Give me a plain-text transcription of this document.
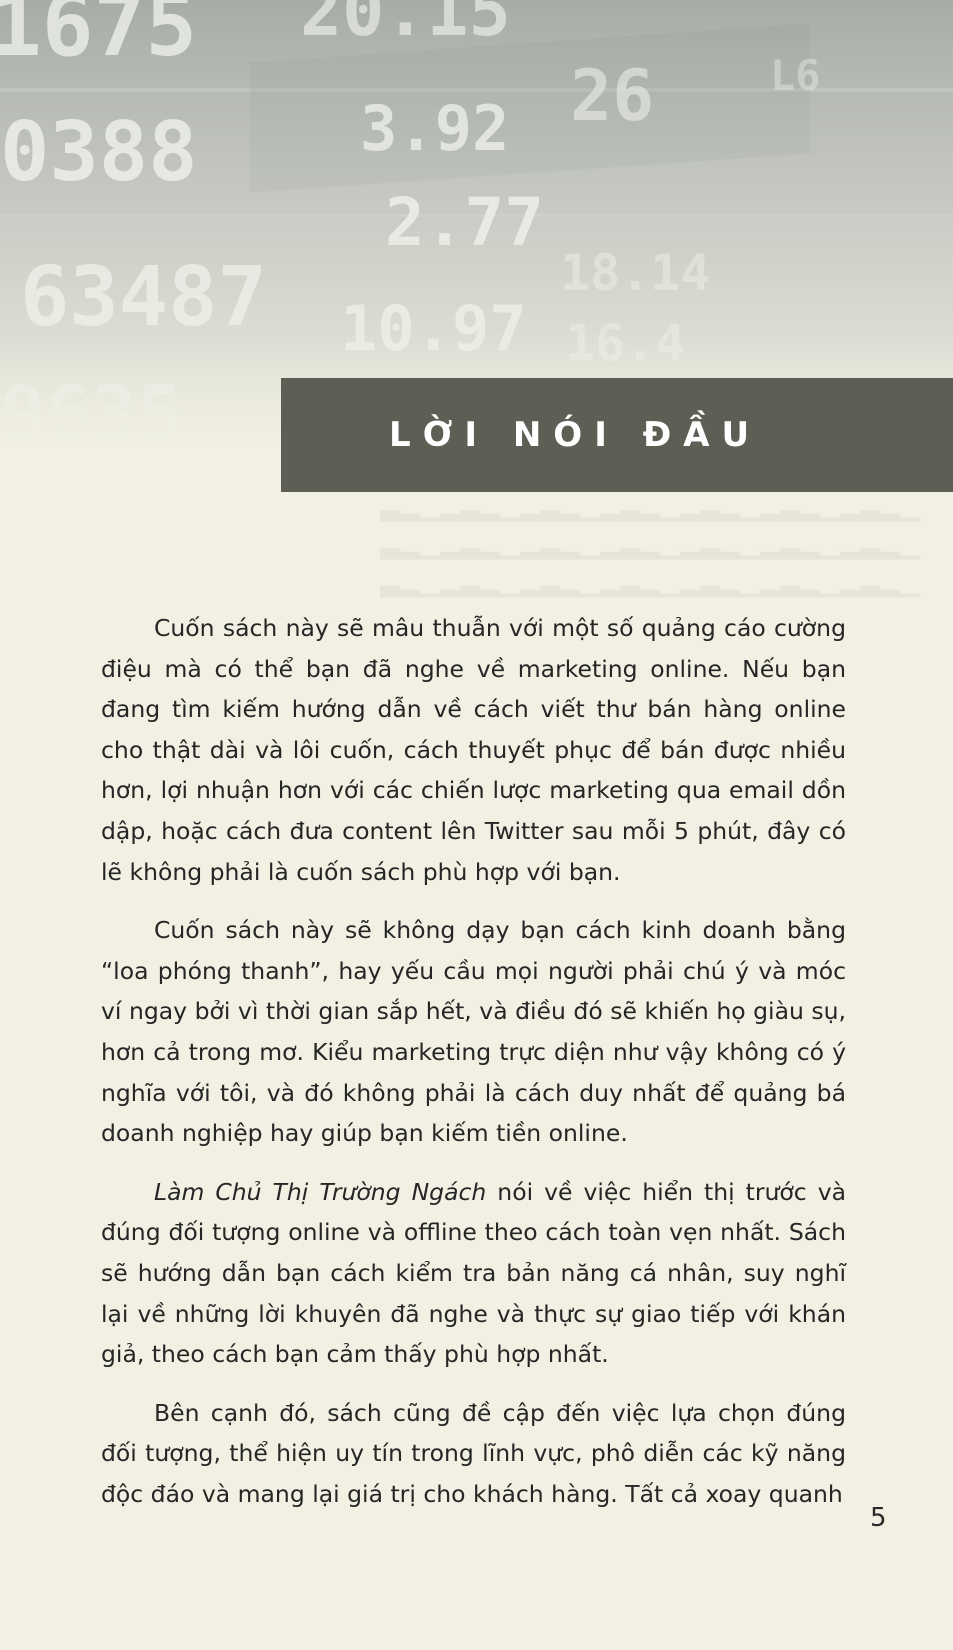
▁▂▃▂▁▂▃▂▁▂▃▂▁▂▃▂▁▂▃▂▁▂▃▂▁▂▃
▁▂▃▂▁▂▃▂▁▂▃▂▁▂▃▂▁▂▃▂▁▂▃▂▁▂▃
▁▂▃▂▁▂▃▂▁▂▃▂▁▂▃▂▁▂▃▂▁▂▃▂▁▂▃
LỜI NÓI ĐẦU

Cuốn sách này sẽ mâu thuẫn với một số quảng cáo cường điệu mà có thể bạn đã nghe về marketing online. Nếu bạn đang tìm kiếm hướng dẫn về cách viết thư bán hàng online cho thật dài và lôi cuốn, cách thuyết phục để bán được nhiều hơn, lợi nhuận hơn với các chiến lược marketing qua email dồn dập, hoặc cách đưa content lên Twitter sau mỗi 5 phút, đây có lẽ không phải là cuốn sách phù hợp với bạn.

Cuốn sách này sẽ không dạy bạn cách kinh doanh bằng “loa phóng thanh”, hay yếu cầu mọi người phải chú ý và móc ví ngay bởi vì thời gian sắp hết, và điều đó sẽ khiến họ giàu sụ, hơn cả trong mơ. Kiểu marketing trực diện như vậy không có ý nghĩa với tôi, và đó không phải là cách duy nhất để quảng bá doanh nghiệp hay giúp bạn kiếm tiền online.

Làm Chủ Thị Trường Ngách nói về việc hiển thị trước và đúng đối tượng online và offline theo cách toàn vẹn nhất. Sách sẽ hướng dẫn bạn cách kiểm tra bản năng cá nhân, suy nghĩ lại về những lời khuyên đã nghe và thực sự giao tiếp với khán giả, theo cách bạn cảm thấy phù hợp nhất.

Bên cạnh đó, sách cũng đề cập đến việc lựa chọn đúng đối tượng, thể hiện uy tín trong lĩnh vực, phô diễn các kỹ năng độc đáo và mang lại giá trị cho khách hàng. Tất cả xoay quanh

5
